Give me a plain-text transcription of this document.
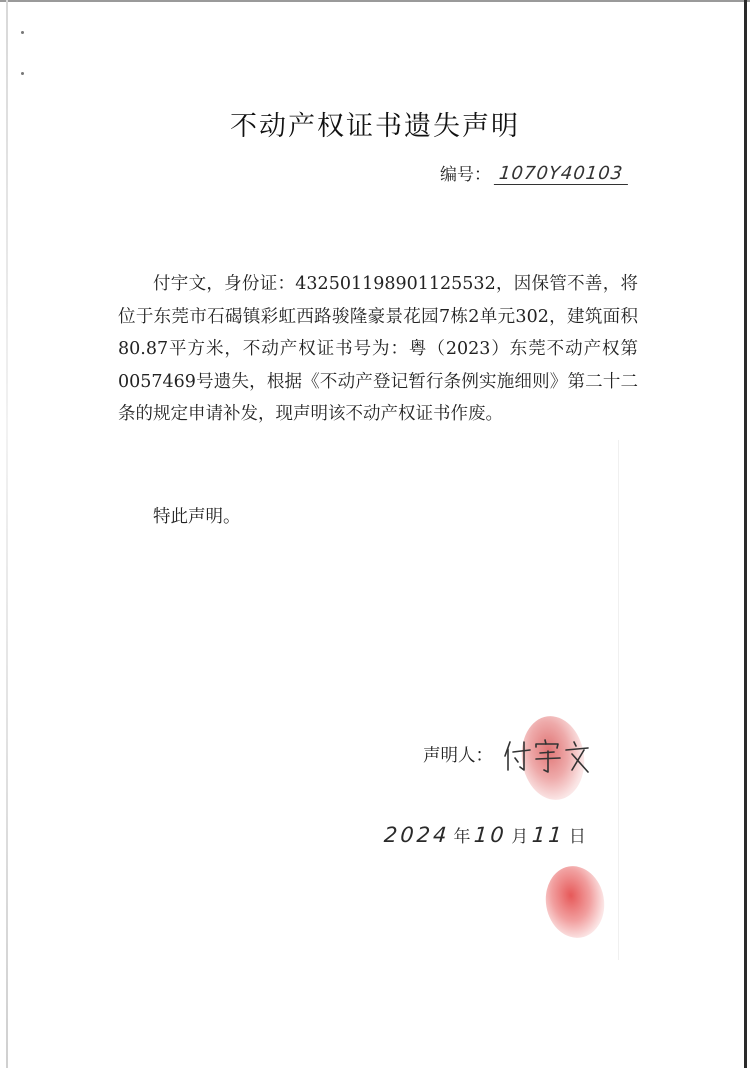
不动产权证书遗失声明
编号： 1070Y40103

付宇文，身份证：432501198901125532，因保管不善，将位于东莞市石碣镇彩虹西路骏隆豪景花园7栋2单元302，建筑面积80.87平方米，不动产权证书号为：粤（2023）东莞不动产权第0057469号遗失，根据《不动产登记暂行条例实施细则》第二十二条的规定申请补发，现声明该不动产权证书作废。

特此声明。

声明人：
2024 年 10 月 11 日
